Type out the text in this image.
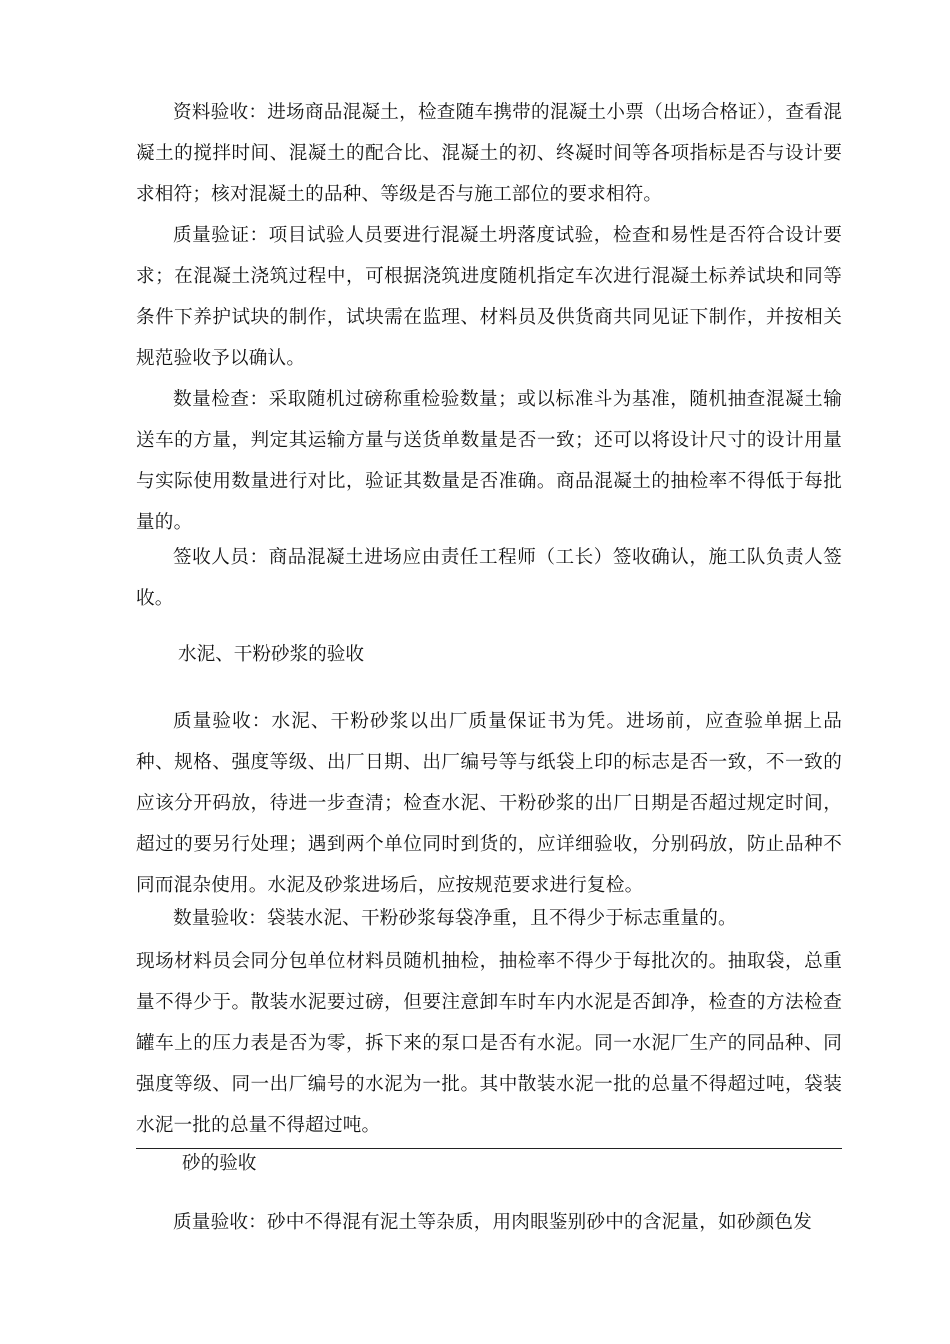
资料验收：进场商品混凝土，检查随车携带的混凝土小票（出场合格证），查看混凝土的搅拌时间、混凝土的配合比、混凝土的初、终凝时间等各项指标是否与设计要求相符；核对混凝土的品种、等级是否与施工部位的要求相符。

质量验证：项目试验人员要进行混凝土坍落度试验，检查和易性是否符合设计要求；在混凝土浇筑过程中，可根据浇筑进度随机指定车次进行混凝土标养试块和同等条件下养护试块的制作，试块需在监理、材料员及供货商共同见证下制作，并按相关规范验收予以确认。

数量检查：采取随机过磅称重检验数量；或以标准斗为基准，随机抽查混凝土输送车的方量，判定其运输方量与送货单数量是否一致；还可以将设计尺寸的设计用量与实际使用数量进行对比，验证其数量是否准确。商品混凝土的抽检率不得低于每批量的。

签收人员：商品混凝土进场应由责任工程师（工长）签收确认，施工队负责人签收。

水泥、干粉砂浆的验收

质量验收：水泥、干粉砂浆以出厂质量保证书为凭。进场前，应查验单据上品种、规格、强度等级、出厂日期、出厂编号等与纸袋上印的标志是否一致，不一致的应该分开码放，待进一步查清；检查水泥、干粉砂浆的出厂日期是否超过规定时间，超过的要另行处理；遇到两个单位同时到货的，应详细验收，分别码放，防止品种不同而混杂使用。水泥及砂浆进场后，应按规范要求进行复检。

数量验收：袋装水泥、干粉砂浆每袋净重，且不得少于标志重量的。

现场材料员会同分包单位材料员随机抽检，抽检率不得少于每批次的。抽取袋，总重量不得少于。散装水泥要过磅，但要注意卸车时车内水泥是否卸净，检查的方法检查罐车上的压力表是否为零，拆下来的泵口是否有水泥。同一水泥厂生产的同品种、同强度等级、同一出厂编号的水泥为一批。其中散装水泥一批的总量不得超过吨，袋装水泥一批的总量不得超过吨。

砂的验收

质量验收：砂中不得混有泥土等杂质，用肉眼鉴别砂中的含泥量，如砂颜色发
